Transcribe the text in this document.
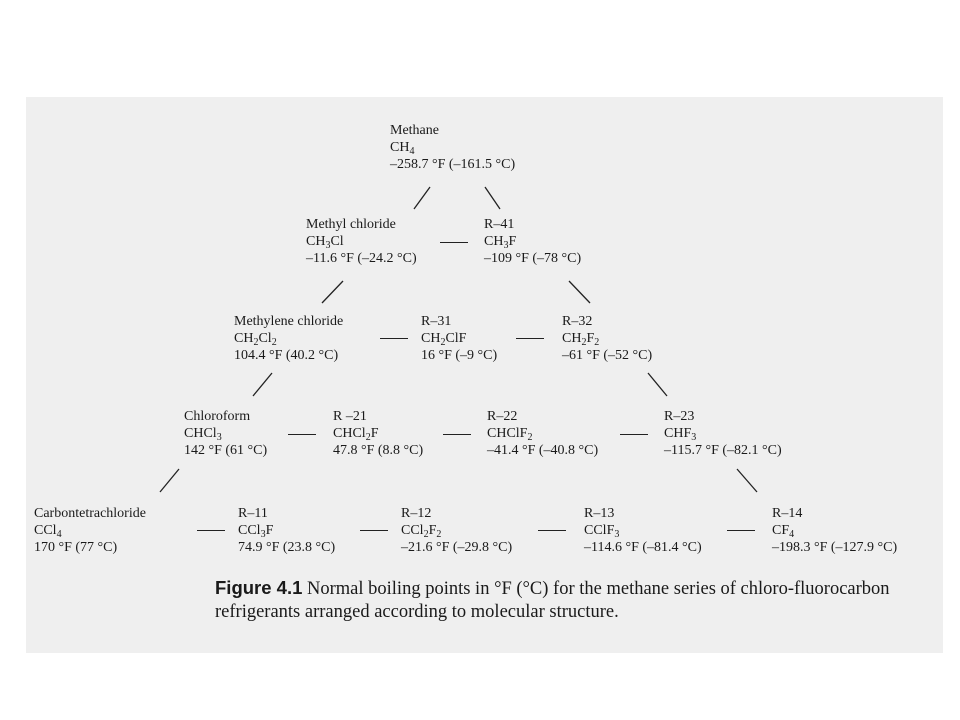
Methane
$CH_4$
–258.7 °F (–161.5 °C)
Methyl chloride
$CH_3Cl$
–11.6 °F (–24.2 °C)
R–41
$CH_3F$
–109 °F (–78 °C)
Methylene chloride
$CH_2Cl_2$
104.4 °F (40.2 °C)
R–31
$CH_2ClF$
16 °F (–9 °C)
R–32
$CH_2F_2$
–61 °F (–52 °C)
Chloroform
CHCl$_3$
142 °F (61 °C)
R –21
CHCl$_2$F
47.8 °F (8.8 °C)
R–22
CHClF$_2$
–41.4 °F (–40.8 °C)
R–23
$CHF_3$
–115.7 °F (–82.1 °C)
Carbontetrachloride
CCl$_4$
170 °F (77 °C)
R–11
CCl$_3$F
74.9 °F (23.8 °C)
R–12
$CCl_2F_2$
–21.6 °F (–29.8 °C)
R–13
CClF$_3$
–114.6 °F (–81.4 °C)
R–14
$CF_4$
–198.3 °F (–127.9 °C)
Figure 4.1 Normal boiling points in °F (°C) for the methane series of chloro-fluorocarbon refrigerants arranged according to molecular structure.
